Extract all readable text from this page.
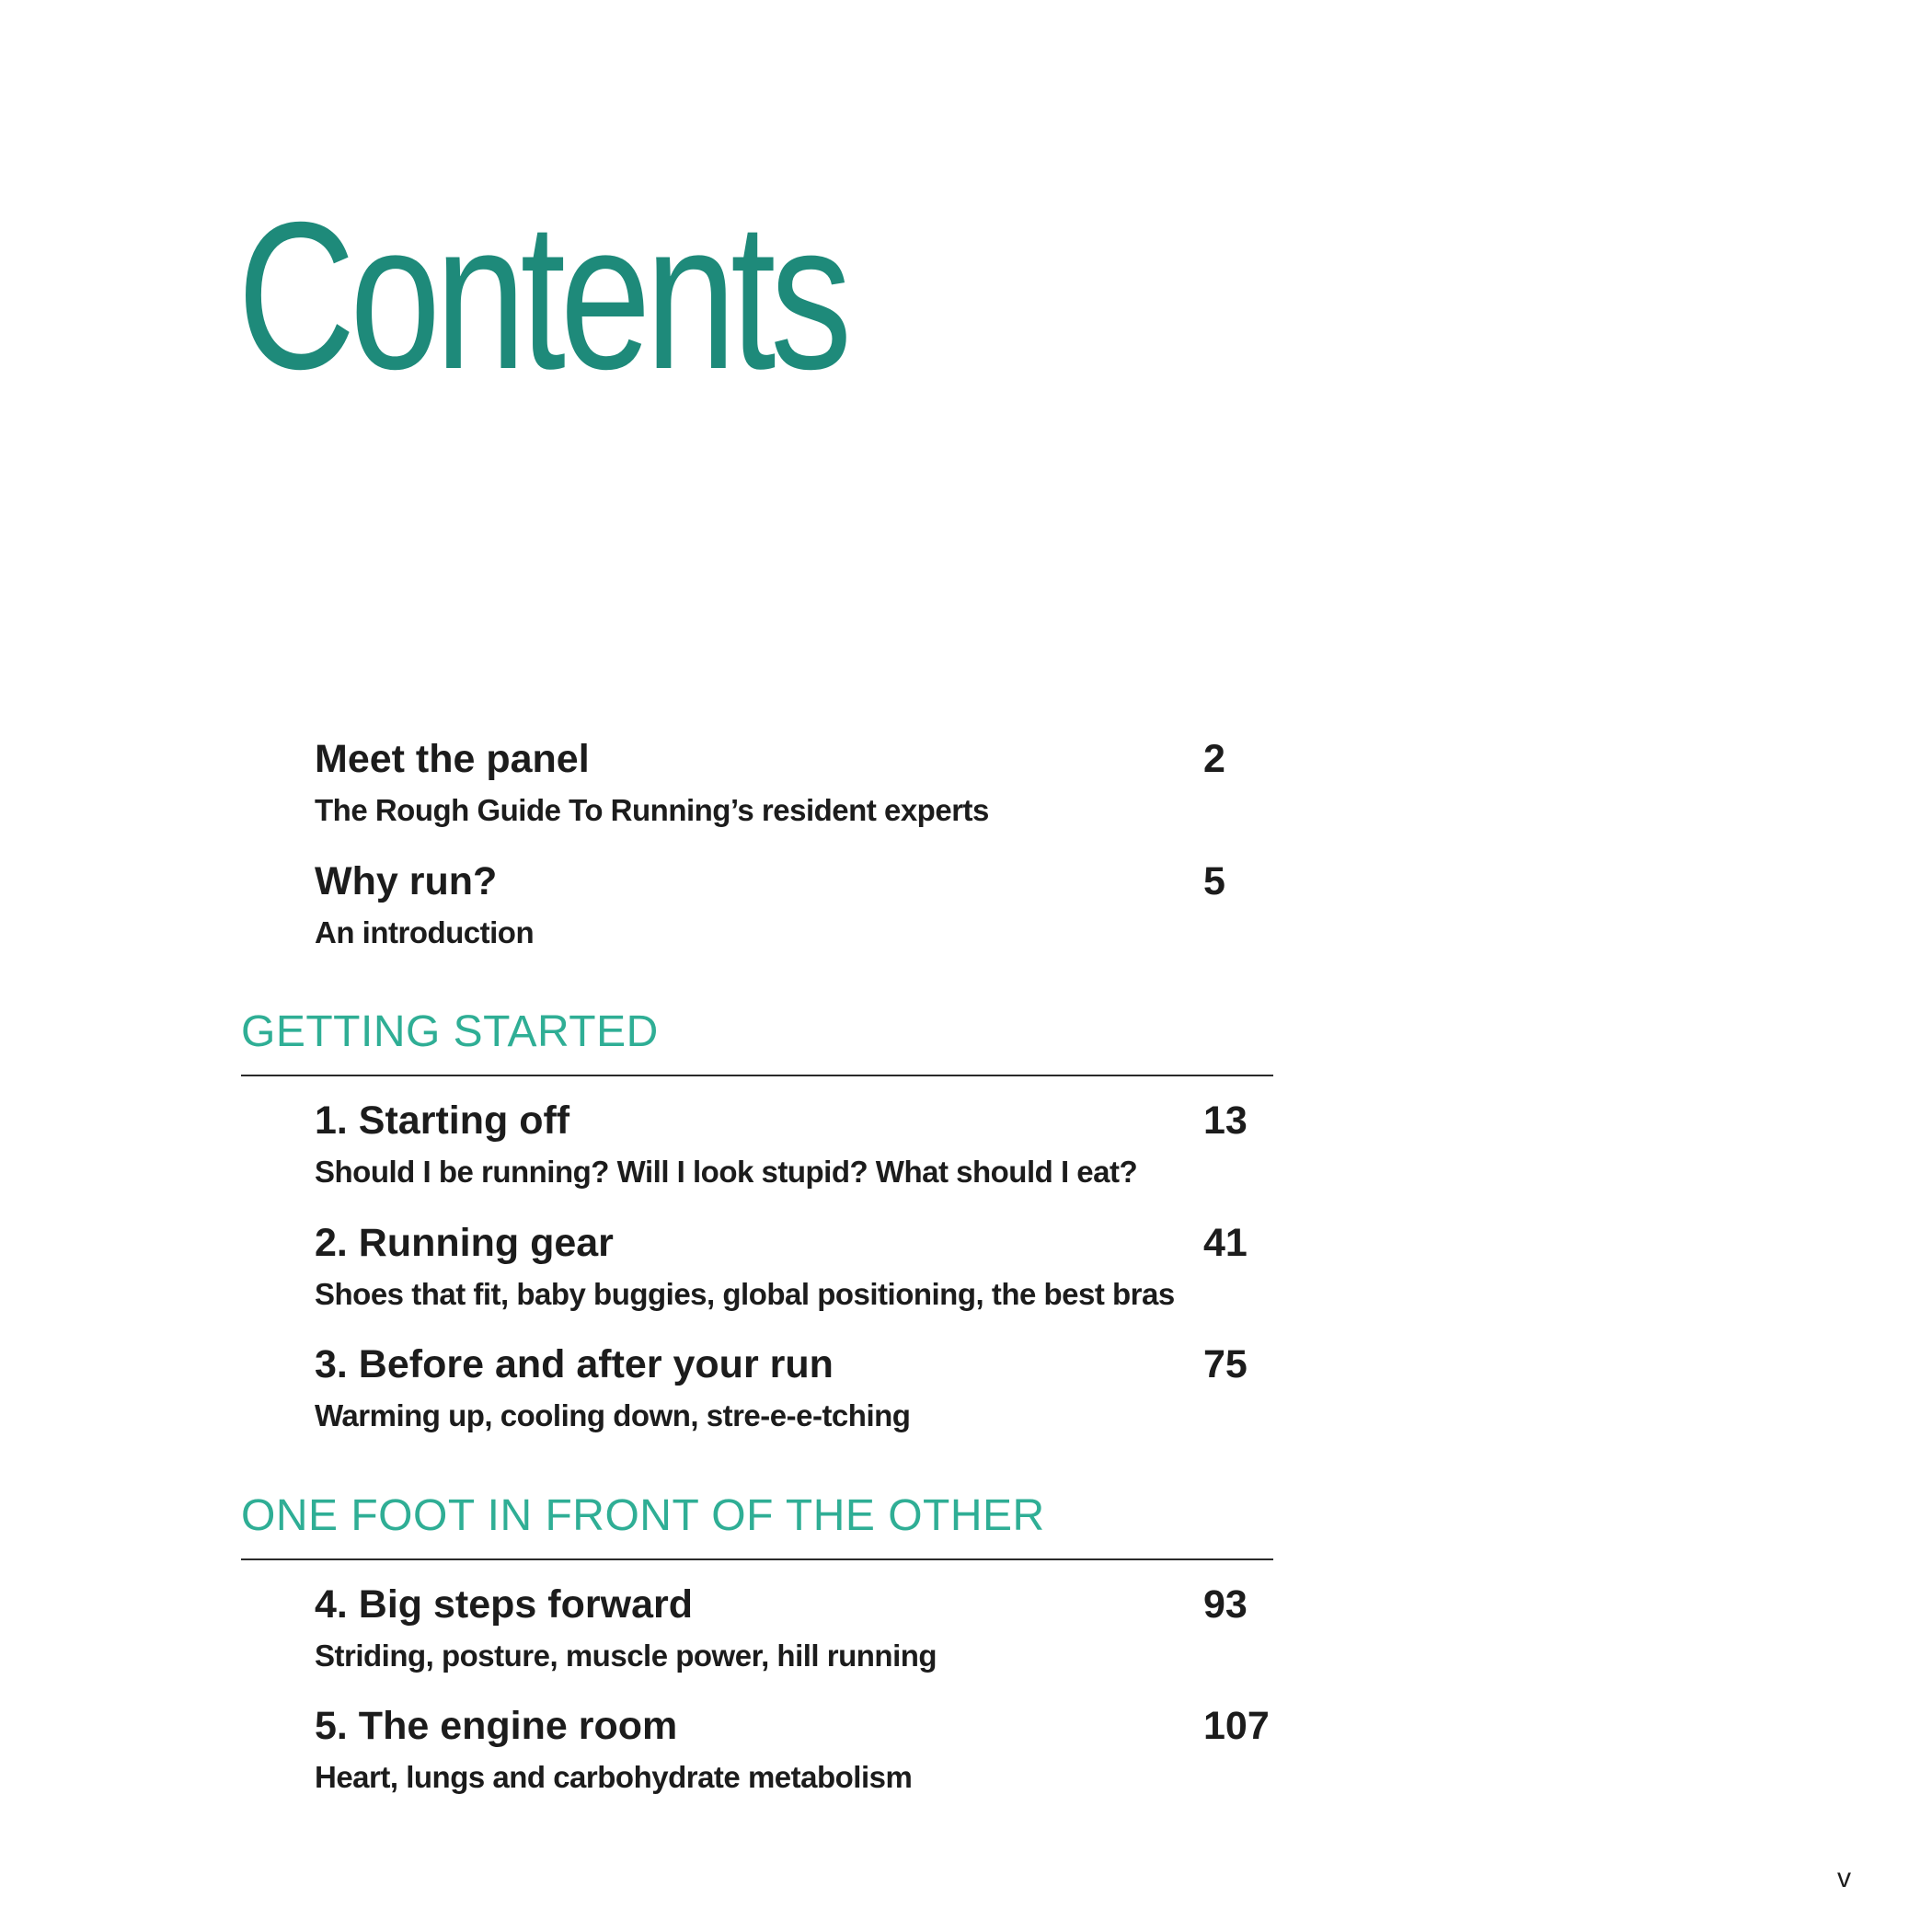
Contents
Meet the panel	2
The Rough Guide To Running’s resident experts
Why run?	5
An introduction
GETTING STARTED
1. Starting off	13
Should I be running? Will I look stupid? What should I eat?
2. Running gear	41
Shoes that fit, baby buggies, global positioning, the best bras
3. Before and after your run	75
Warming up, cooling down, stre-e-e-tching
ONE FOOT IN FRONT OF THE OTHER
4. Big steps forward	93
Striding, posture, muscle power, hill running
5. The engine room	107
Heart, lungs and carbohydrate metabolism
v
